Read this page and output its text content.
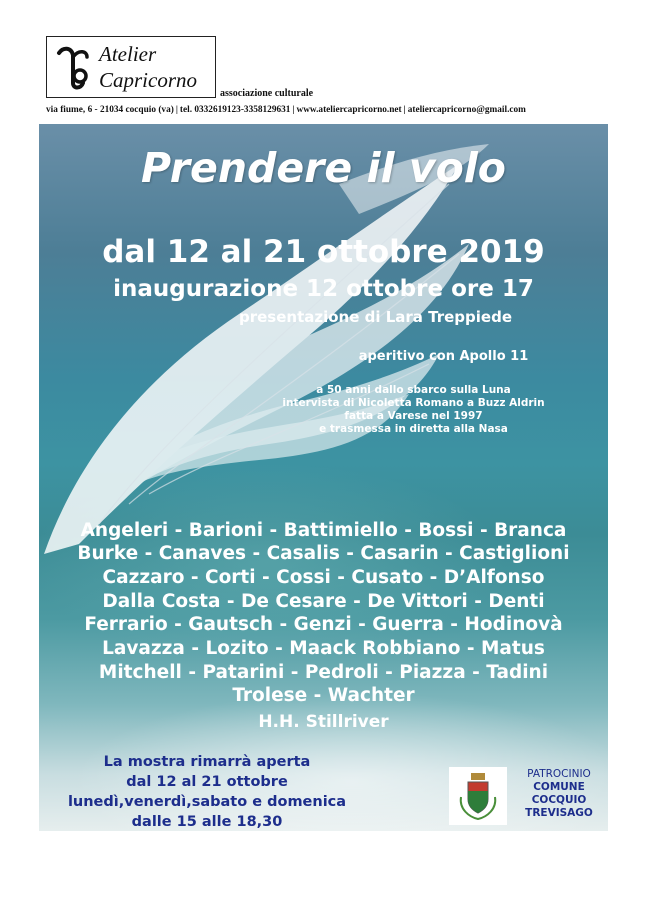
Atelier
Capricorno
associazione culturale
via fiume, 6 - 21034 cocquio (va) | tel. 0332619123-3358129631 | www.ateliercapricorno.net | ateliercapricorno@gmail.com
Prendere il volo
dal 12 al 21 ottobre 2019
inaugurazione 12 ottobre ore 17
presentazione di Lara Treppiede
aperitivo con Apollo 11
a 50 anni dallo sbarco sulla Luna
intervista di Nicoletta Romano a Buzz Aldrin
fatta a Varese nel 1997
e trasmessa in diretta alla Nasa
Angeleri - Barioni - Battimiello - Bossi - Branca
Burke - Canaves - Casalis - Casarin - Castiglioni
Cazzaro - Corti - Cossi - Cusato - D’Alfonso
Dalla Costa - De Cesare - De Vittori - Denti
Ferrario - Gautsch - Genzi - Guerra - Hodinovà
Lavazza - Lozito - Maack Robbiano - Matus
Mitchell - Patarini - Pedroli - Piazza - Tadini
Trolese - Wachter
H.H. Stillriver
La mostra rimarrà aperta
dal 12 al 21 ottobre
lunedì,venerdì,sabato e domenica
dalle 15 alle 18,30
PATROCINIO
COMUNE
COCQUIO
TREVISAGO
